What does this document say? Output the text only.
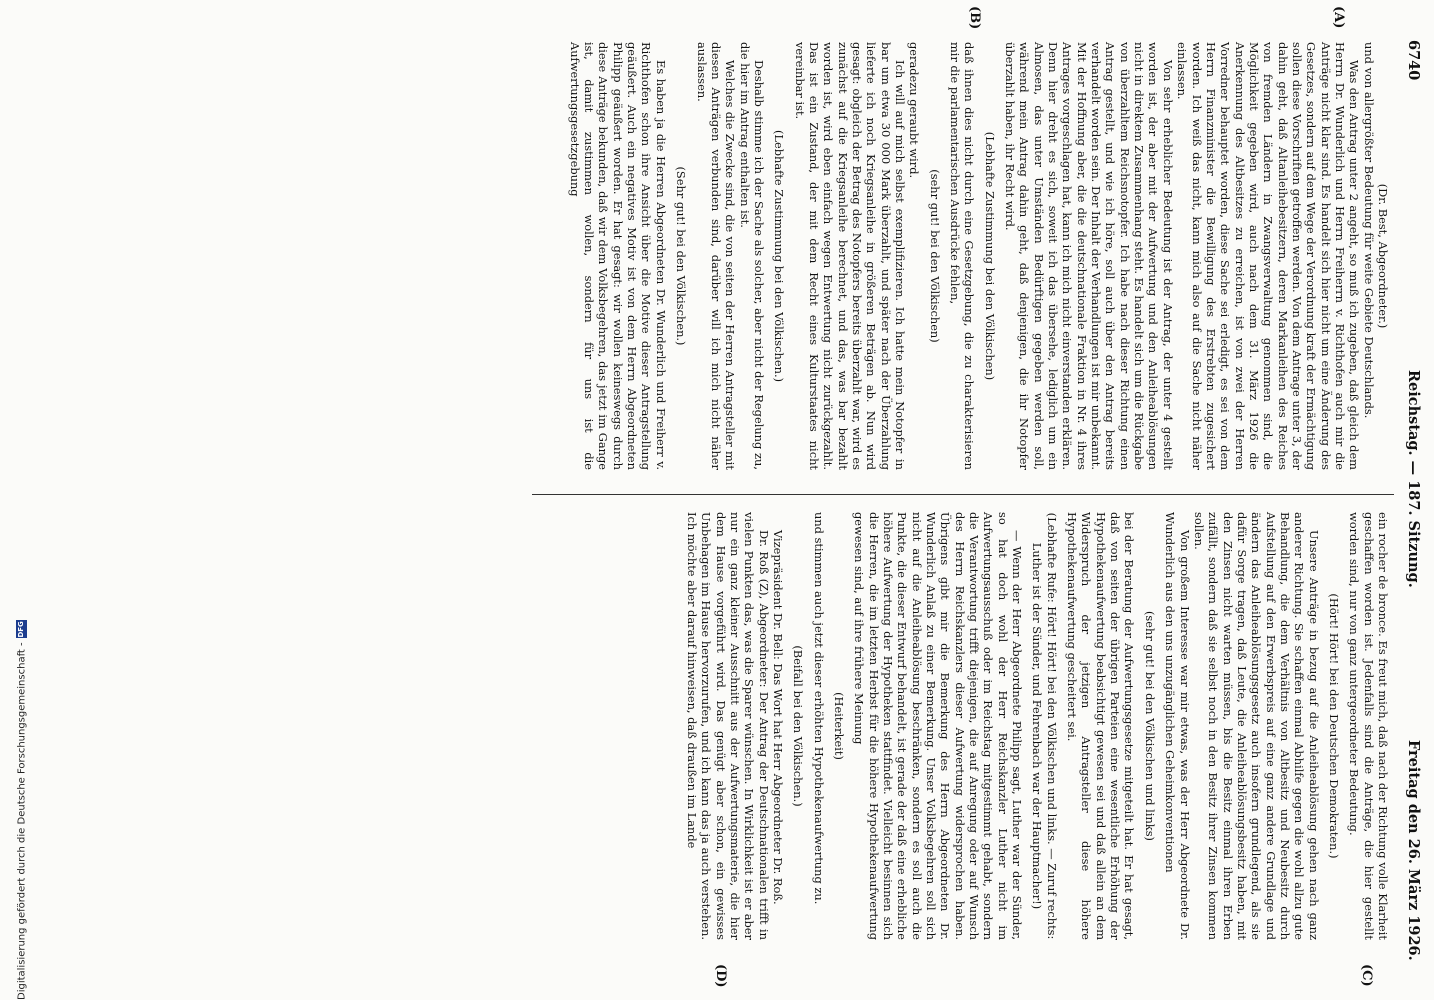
6740
Reichstag. — 187. Sitzung.
Freitag den 26. März 1926.
(A)
(B)
(C)
(D)

(Dr. Best, Abgeordneter.)

und von allergrößter Bedeutung für weite Gebiete Deutschlands.

Was den Antrag unter 2 angeht, so muß ich zugeben, daß gleich dem Herrn Dr. Wunderlich und Herrn Freiherrn v. Richthofen auch mir die Anträge nicht klar sind. Es handelt sich hier nicht um eine Änderung des Gesetzes, sondern auf dem Wege der Verordnung kraft der Ermächtigung sollen diese Vorschriften getroffen werden. Von dem Antrage unter 3, der dahin geht, daß Altanleihebesitzern, deren Markanleihen des Reiches von fremden Ländern in Zwangsverwaltung genommen sind, die Möglichkeit gegeben wird, auch nach dem 31. März 1926 die Anerkennung des Altbesitzes zu erreichen, ist von zwei der Herren Vorredner behauptet worden, diese Sache sei erledigt, es sei von dem Herrn Finanzminister die Bewilligung des Erstrebten zugesichert worden. Ich weiß das nicht, kann mich also auf die Sache nicht näher einlassen.

Von sehr erheblicher Bedeutung ist der Antrag, der unter 4 gestellt worden ist, der aber mit der Aufwertung und den Anleiheablösungen nicht in direktem Zusammenhang steht. Es handelt sich um die Rückgabe von überzahltem Reichsnotopfer. Ich habe nach dieser Richtung einen Antrag gestellt, und wie ich höre, soll auch über den Antrag bereits verhandelt worden sein. Der Inhalt der Verhandlungen ist mir unbekannt. Mit der Hoffnung aber, die die deutschnationale Fraktion in Nr. 4 ihres Antrages vorgeschlagen hat, kann ich mich nicht einverstanden erklären. Denn hier dreht es sich, soweit ich das übersehe, lediglich um ein Almosen, das unter Umständen Bedürftigen gegeben werden soll, während mein Antrag dahin geht, daß denjenigen, die ihr Notopfer überzahlt haben, ihr Recht wird.

(Lebhafte Zustimmung bei den Völkischen)

daß ihnen dies nicht durch eine Gesetzgebung, die zu charakterisieren mir die parlamentarischen Ausdrücke fehlen,

(sehr gut! bei den Völkischen)

geradezu geraubt wird.

Ich will auf mich selbst exemplifizieren. Ich hatte mein Notopfer in bar um etwa 30 000 Mark überzahlt, und später nach der Überzahlung lieferte ich noch Kriegsanleihe in größeren Beträgen ab. Nun wird gesagt: obgleich der Betrag des Notopfers bereits überzahlt war, wird es zunächst auf die Kriegsanleihe berechnet, und das, was bar bezahlt worden ist, wird eben einfach wegen Entwertung nicht zurückgezahlt. Das ist ein Zustand, der mit dem Recht eines Kulturstaates nicht vereinbar ist.

(Lebhafte Zustimmung bei den Völkischen.)

Deshalb stimme ich der Sache als solcher, aber nicht der Regelung zu, die hier im Antrag enthalten ist.

Welches die Zwecke sind, die von seiten der Herren Antragsteller mit diesen Anträgen verbunden sind, darüber will ich mich nicht näher auslassen.

(Sehr gut! bei den Völkischen.)

Es haben ja die Herren Abgeordneten Dr. Wunderlich und Freiherr v. Richthofen schon ihre Ansicht über die Motive dieser Antragstellung geäußert. Auch ein negatives Motiv ist von dem Herrn Abgeordneten Philipp geäußert worden. Er hat gesagt: wir wollen keineswegs durch diese Anträge bekunden, daß wir dem Volksbegehren, das jetzt im Gange ist, damit zustimmen wollen, sondern für uns ist die Aufwertungsgesetzgebung

ein rocher de bronce. Es freut mich, daß nach der Richtung volle Klarheit geschaffen worden ist. Jedenfalls sind die Anträge, die hier gestellt worden sind, nur von ganz untergeordneter Bedeutung.

(Hört! Hört! bei den Deutschen Demokraten.)

Unsere Anträge in bezug auf die Anleiheablösung gehen nach ganz anderer Richtung. Sie schaffen einmal Abhilfe gegen die wohl allzu gute Behandlung, die dem Verhältnis von Altbesitz und Neubesitz durch Aufstellung auf den Erwerbspreis auf eine ganz andere Grundlage und ändern das Anleiheablösungsgesetz auch insofern grundlegend, als sie dafür Sorge tragen, daß Leute, die Anleiheablösungsbesitz haben, mit den Zinsen nicht warten müssen, bis die Besitz einmal ihren Erben zufällt, sondern daß sie selbst noch in den Besitz ihrer Zinsen kommen sollen.

Von großem Interesse war mir etwas, was der Herr Abgeordnete Dr. Wunderlich aus den uns unzugänglichen Geheimkonventionen

(sehr gut! bei den Völkischen und links)

bei der Beratung der Aufwertungsgesetze mitgeteilt hat. Er hat gesagt, daß von seiten der übrigen Parteien eine wesentliche Erhöhung der Hypothekenaufwertung beabsichtigt gewesen sei und daß allein an dem Widerspruch der jetzigen Antragsteller diese höhere Hypothekenaufwertung gescheitert sei.

(Lebhafte Rufe: Hört! Hört! bei den Völkischen und links. — Zuruf rechts: Luther ist der Sünder, und Fehrenbach war der Hauptmacher!)

— Wenn der Herr Abgeordnete Philipp sagt, Luther war der Sünder, so hat doch wohl der Herr Reichskanzler Luther nicht im Aufwertungsausschuß oder im Reichstag mitgestimmt gehabt, sondern die Verantwortung trifft diejenigen, die auf Anregung oder auf Wunsch des Herrn Reichskanzlers dieser Aufwertung widersprochen haben. Übrigens gibt mir die Bemerkung des Herrn Abgeordneten Dr. Wunderlich Anlaß zu einer Bemerkung. Unser Volksbegehren soll sich nicht auf die Anleiheablösung beschränken, sondern es soll auch die Punkte, die dieser Entwurf behandelt, ist gerade der daß eine erhebliche höhere Aufwertung der Hypotheken stattfindet. Vielleicht besinnen sich die Herren, die im letzten Herbst für die höhere Hypothekenaufwertung gewesen sind, auf ihre frühere Meinung

(Heiterkeit)

und stimmen auch jetzt dieser erhöhten Hypothekenaufwertung zu.

(Beifall bei den Völkischen.)

Vizepräsident Dr. Bell: Das Wort hat Herr Abgeordneter Dr. Roß.

Dr. Roß (Z), Abgeordneter: Der Antrag der Deutschnationalen trifft in vielen Punkten das, was die Sparer wünschen. In Wirklichkeit ist er aber nur ein ganz kleiner Ausschnitt aus der Aufwertungsmaterie, die hier dem Hause vorgeführt wird. Das genügt aber schon, ein gewisses Unbehagen im Hause hervorzurufen, und ich kann das ja auch verstehen. Ich möchte aber darauf hinweisen, daß draußen im Lande

Digitalisierung gefördert durch die Deutsche Forschungsgemeinschaft -DFG
